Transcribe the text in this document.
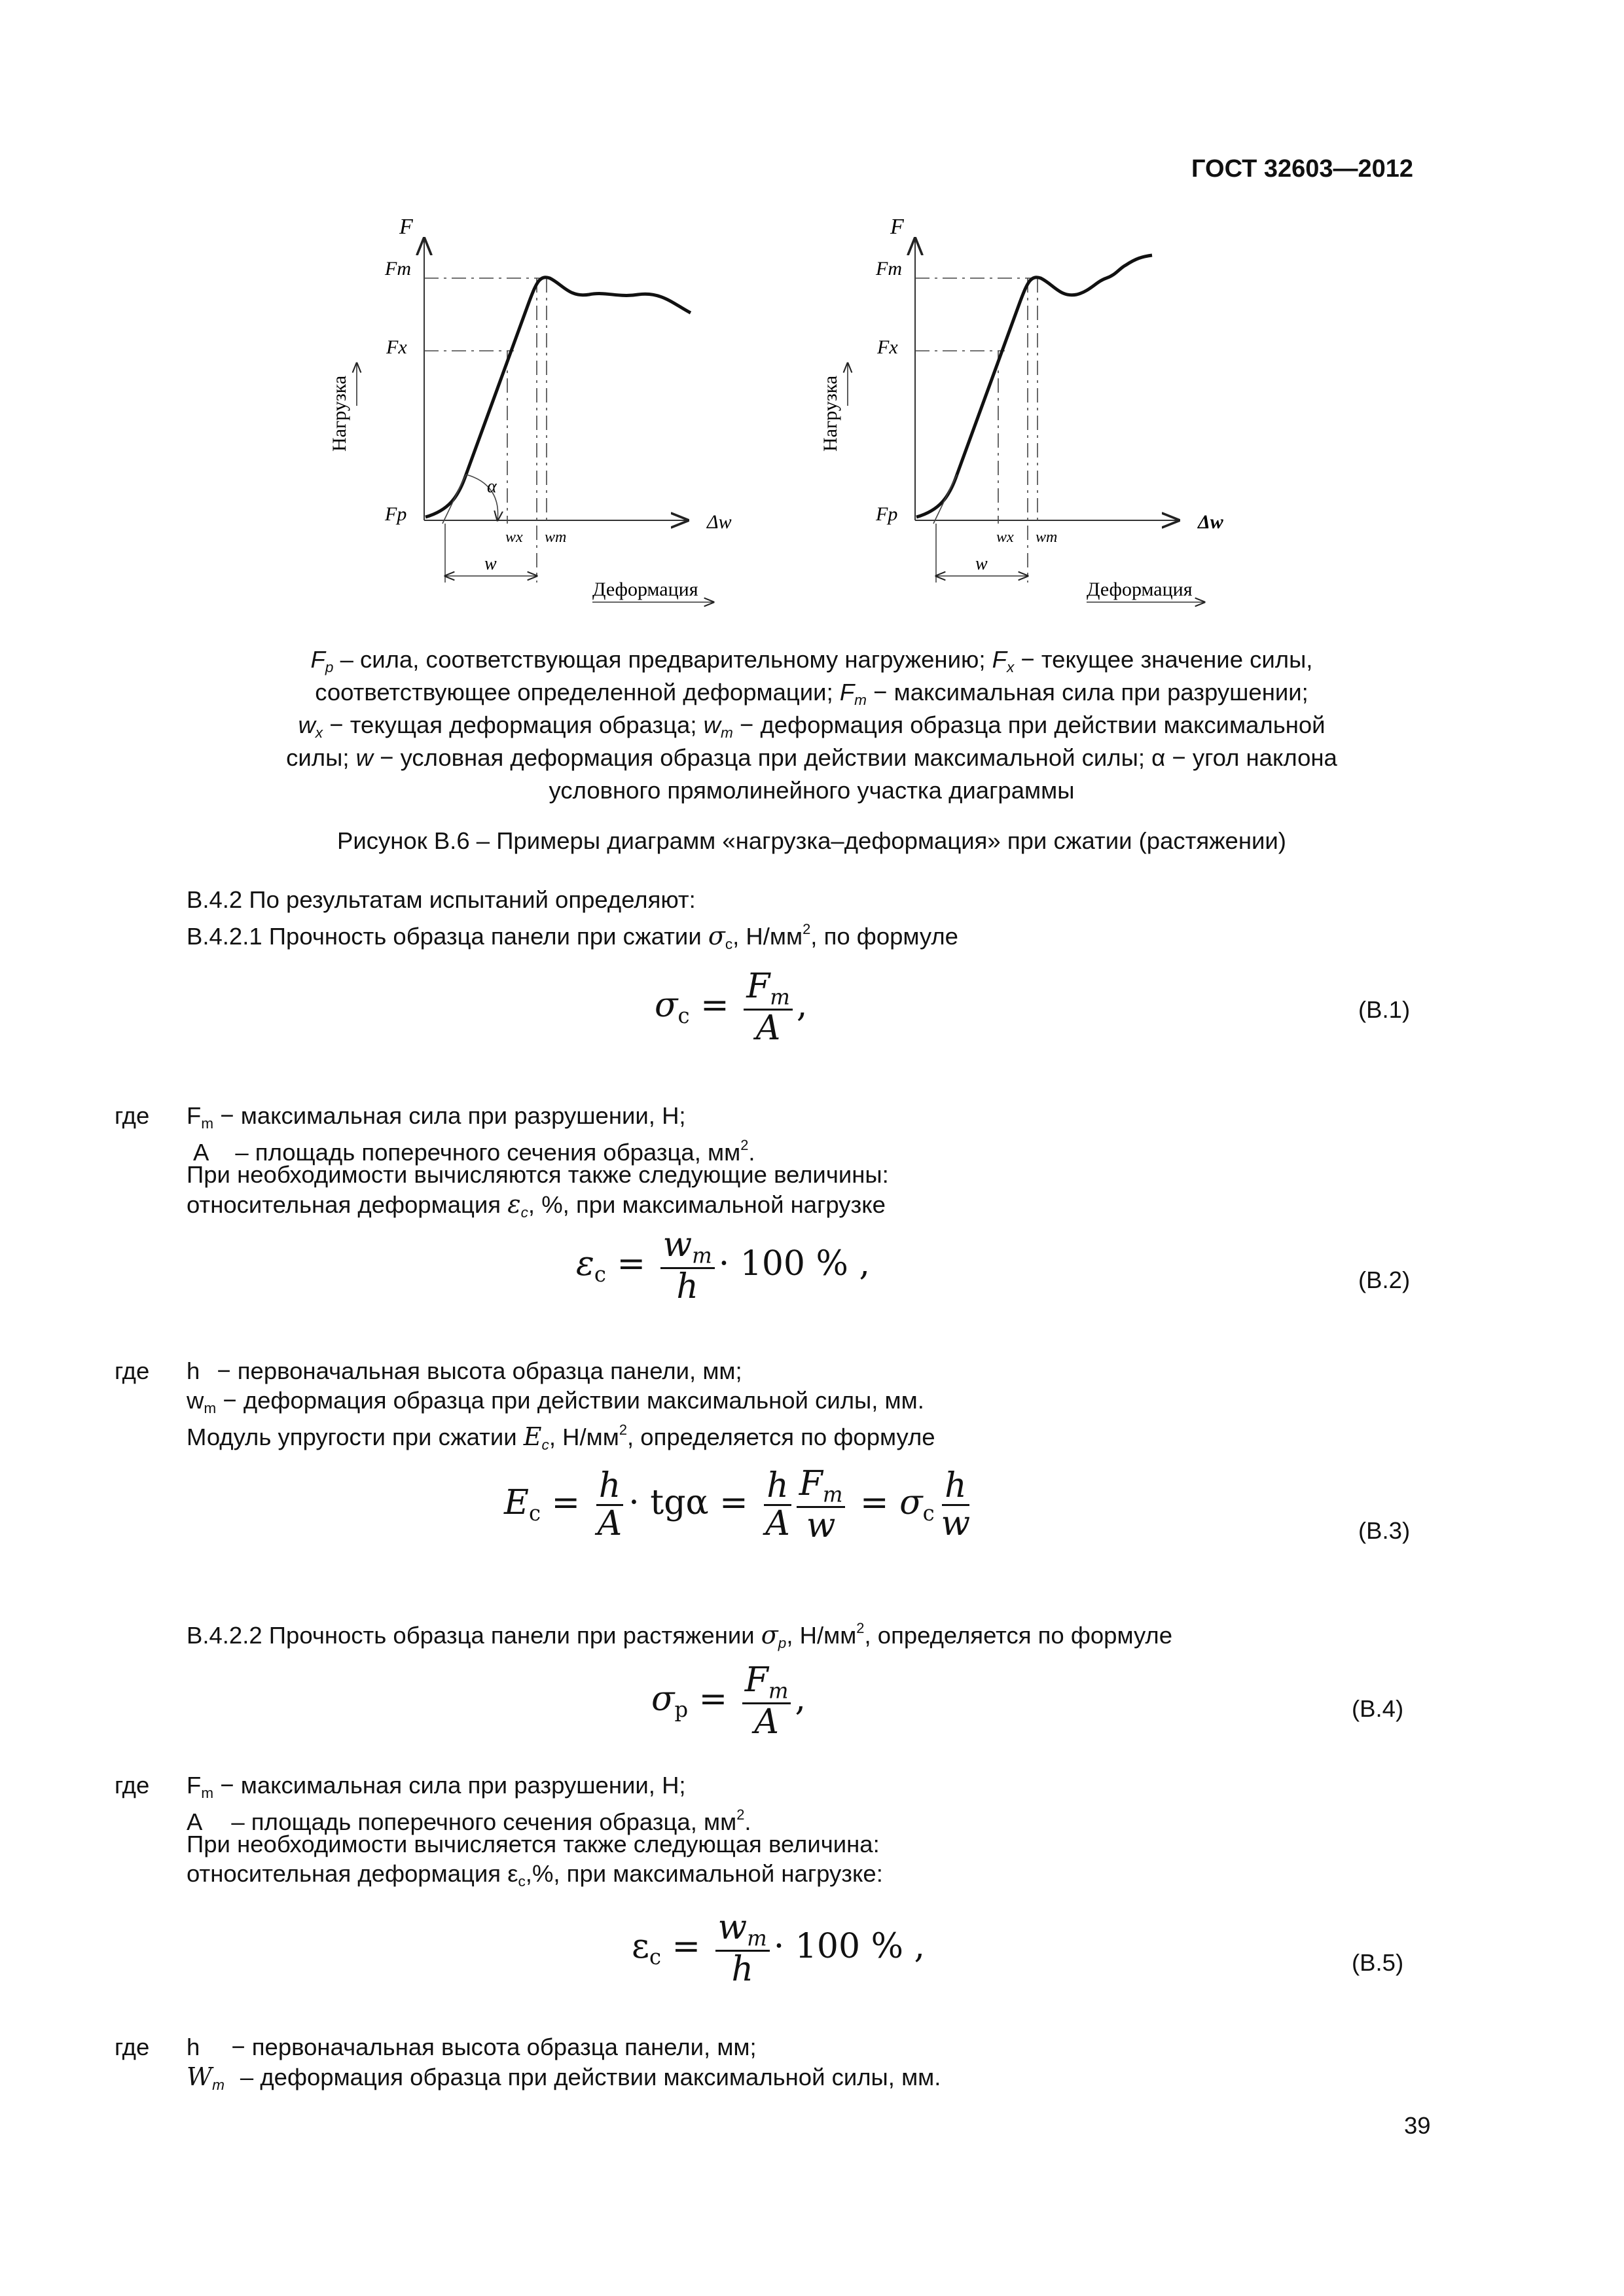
ГОСТ 32603—2012
F
Fm
Fx
Fp
Нагрузка
α
w
wx wm
Δw
Деформация
F
Fm
Fx
Fp
Нагрузка
w
wx wm
Δw
Деформация
$F_p$ – сила, соответствующая предварительному нагружению; $F_x$ − текущее значение силы,
соответствующее определенной деформации; $F_m$ − максимальная сила при разрушении;
$w_x$ − текущая деформация образца; $w_m$ − деформация образца при действии максимальной
силы; w − условная деформация образца при действии максимальной силы; α − угол наклона
условного прямолинейного участка диаграммы
Рисунок В.6 – Примеры диаграмм «нагрузка–деформация» при сжатии (растяжении)
В.4.2 По результатам испытаний определяют:
В.4.2.1 Прочность образца панели при сжатии $\sigma_c$, $Н/мм^2$, по формуле
$\sigma_c = \frac{F_m}{A}$ ,	(В.1)
где $F_m$ − максимальная сила при разрушении, Н;
A – площадь поперечного сечения образца, $мм^2$.
При необходимости вычисляются также следующие величины:
относительная деформация $\varepsilon_c$, %, при максимальной нагрузке
$\varepsilon_c = \frac{w_m}{h} \cdot 100$ % ,	(В.2)
где h − первоначальная высота образца панели, мм;
$w_m$ − деформация образца при действии максимальной силы, мм.
Модуль упругости при сжатии $E_c$, $Н/мм^2$, определяется по формуле
$E_c = \frac{h}{A} \cdot tg\alpha = \frac{h}{A} \frac{F_m}{w} = \sigma_c \frac{h}{w}$	(В.3)
В.4.2.2 Прочность образца панели при растяжении $\sigma_p$, $Н/мм^2$, определяется по формуле
$\sigma_p = \frac{F_m}{A}$ ,	(В.4)
где $F_m$ − максимальная сила при разрушении, Н;
A – площадь поперечного сечения образца, $мм^2$.
При необходимости вычисляется также следующая величина:
относительная деформация $\varepsilon_c,\%$, при максимальной нагрузке:
$\varepsilon_c = \frac{w_m}{h} \cdot 100$ % ,	(В.5)
где h − первоначальная высота образца панели, мм;
$W_m$ – деформация образца при действии максимальной силы, мм.
39
